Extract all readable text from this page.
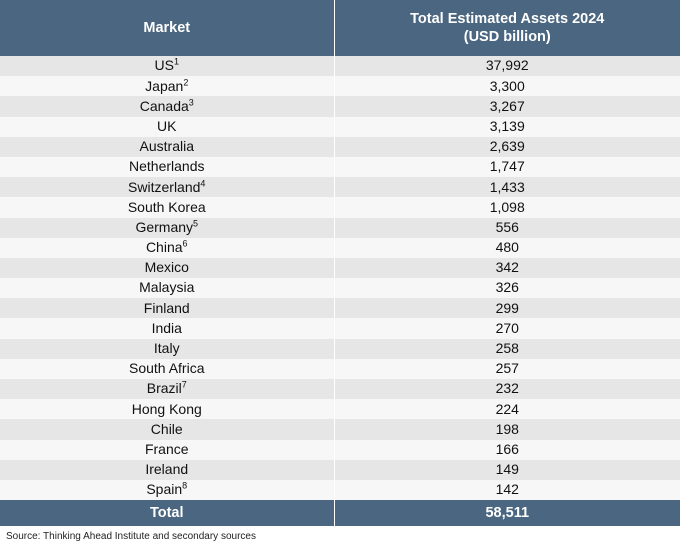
Market	Total Estimated Assets 2024
(USD billion)

$US^1$	37,992
Japan$^2$	3,300
Canada$^3$	3,267
UK	3,139
Australia	2,639
Netherlands	1,747
Switzerland$^4$	1,433
South Korea	1,098
Germany$^5$	556
China$^6$	480
Mexico	342
Malaysia	326
Finland	299
India	270
Italy	258
South Africa	257
Brazil$^7$	232
Hong Kong	224
Chile	198
France	166
Ireland	149
Spain$^8$	142
Total	58,511
Source: Thinking Ahead Institute and secondary sources
